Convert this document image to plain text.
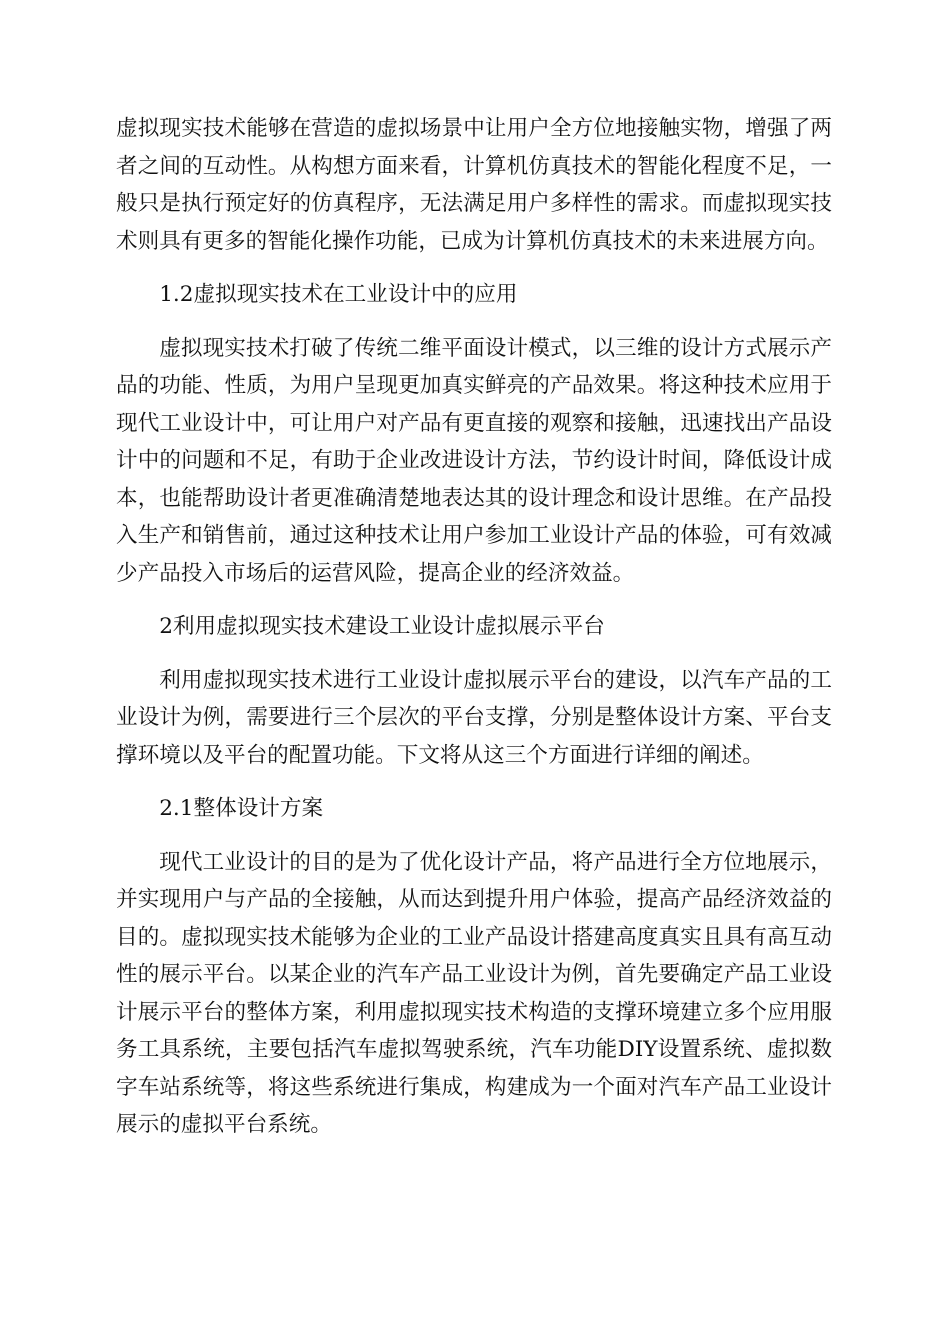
虚拟现实技术能够在营造的虚拟场景中让用户全方位地接触实物，增强了两者之间的互动性。从构想方面来看，计算机仿真技术的智能化程度不足，一般只是执行预定好的仿真程序，无法满足用户多样性的需求。而虚拟现实技术则具有更多的智能化操作功能，已成为计算机仿真技术的未来进展方向。

1.2虚拟现实技术在工业设计中的应用

虚拟现实技术打破了传统二维平面设计模式，以三维的设计方式展示产品的功能、性质，为用户呈现更加真实鲜亮的产品效果。将这种技术应用于现代工业设计中，可让用户对产品有更直接的观察和接触，迅速找出产品设计中的问题和不足，有助于企业改进设计方法，节约设计时间，降低设计成本，也能帮助设计者更准确清楚地表达其的设计理念和设计思维。在产品投入生产和销售前，通过这种技术让用户参加工业设计产品的体验，可有效减少产品投入市场后的运营风险，提高企业的经济效益。

2利用虚拟现实技术建设工业设计虚拟展示平台

利用虚拟现实技术进行工业设计虚拟展示平台的建设，以汽车产品的工业设计为例，需要进行三个层次的平台支撑，分别是整体设计方案、平台支撑环境以及平台的配置功能。下文将从这三个方面进行详细的阐述。

2.1整体设计方案

现代工业设计的目的是为了优化设计产品，将产品进行全方位地展示，并实现用户与产品的全接触，从而达到提升用户体验，提高产品经济效益的目的。虚拟现实技术能够为企业的工业产品设计搭建高度真实且具有高互动性的展示平台。以某企业的汽车产品工业设计为例，首先要确定产品工业设计展示平台的整体方案，利用虚拟现实技术构造的支撑环境建立多个应用服务工具系统，主要包括汽车虚拟驾驶系统，汽车功能DIY设置系统、虚拟数字车站系统等，将这些系统进行集成，构建成为一个面对汽车产品工业设计展示的虚拟平台系统。
